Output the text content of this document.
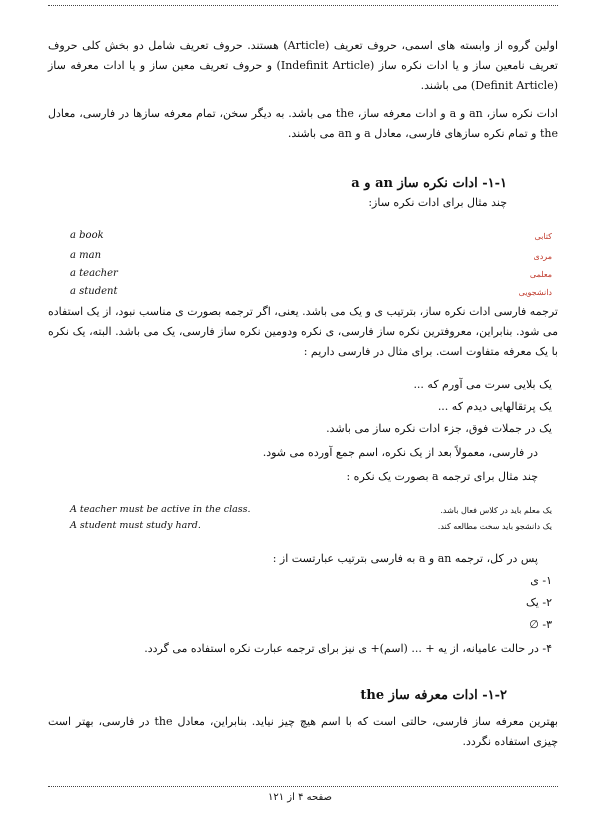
اولین گروه از وابسته های اسمی، حروف تعریف (Article) هستند. حروف تعریف شامل دو بخش کلی حروف تعریف نامعین ساز و یا ادات نکره ساز (Indefinit Article) و حروف تعریف معین ساز و یا ادات معرفه ساز (Definit Article) می باشند.
ادات نکره ساز، an و a و ادات معرفه ساز، the می باشد. به دیگر سخن، تمام معرفه سازها در فارسی، معادل the و تمام نکره سازهای فارسی، معادل a و an می باشند.
۱-۱- ادات نکره ساز an و a
چند مثال برای ادات نکره ساز:
a book	کتابی
a man	مردی
a teacher	معلمی
a student	دانشجویی
ترجمه فارسی ادات نکره ساز، بترتیب ی و یک می باشد. یعنی، اگر ترجمه بصورت ی مناسب نبود، از یک استفاده می شود. بنابراین، معروفترین نکره ساز فارسی، ی نکره ودومین نکره ساز فارسی، یک می باشد. البته، یک نکره با یک معرفه متفاوت است. برای مثال در فارسی داریم :
یک بلایی سرت می آورم که ...
یک پرتقالهایی دیدم که ...
یک در جملات فوق، جزء ادات نکره ساز می باشد.
در فارسی، معمولاً بعد از یک نکره، اسم جمع آورده می شود.
چند مثال برای ترجمه a بصورت یک نکره :
A teacher must be active in the class.	یک معلم باید در کلاس فعال باشد.
A student must study hard.	یک دانشجو باید سخت مطالعه کند.
پس در کل، ترجمه an و a به فارسی بترتیب عبارتست از :
۱- ی
۲- یک
۳- ∅
۴- در حالت عامیانه، از یه + ... (اسم)+ ی نیز برای ترجمه عبارت نکره استفاده می گردد.
۱-۲- ادات معرفه ساز the
بهترین معرفه ساز فارسی، حالتی است که با اسم هیچ چیز نیاید. بنابراین، معادل the در فارسی، بهتر است چیزی استفاده نگردد.
صفحه ۴ از ۱۲۱
